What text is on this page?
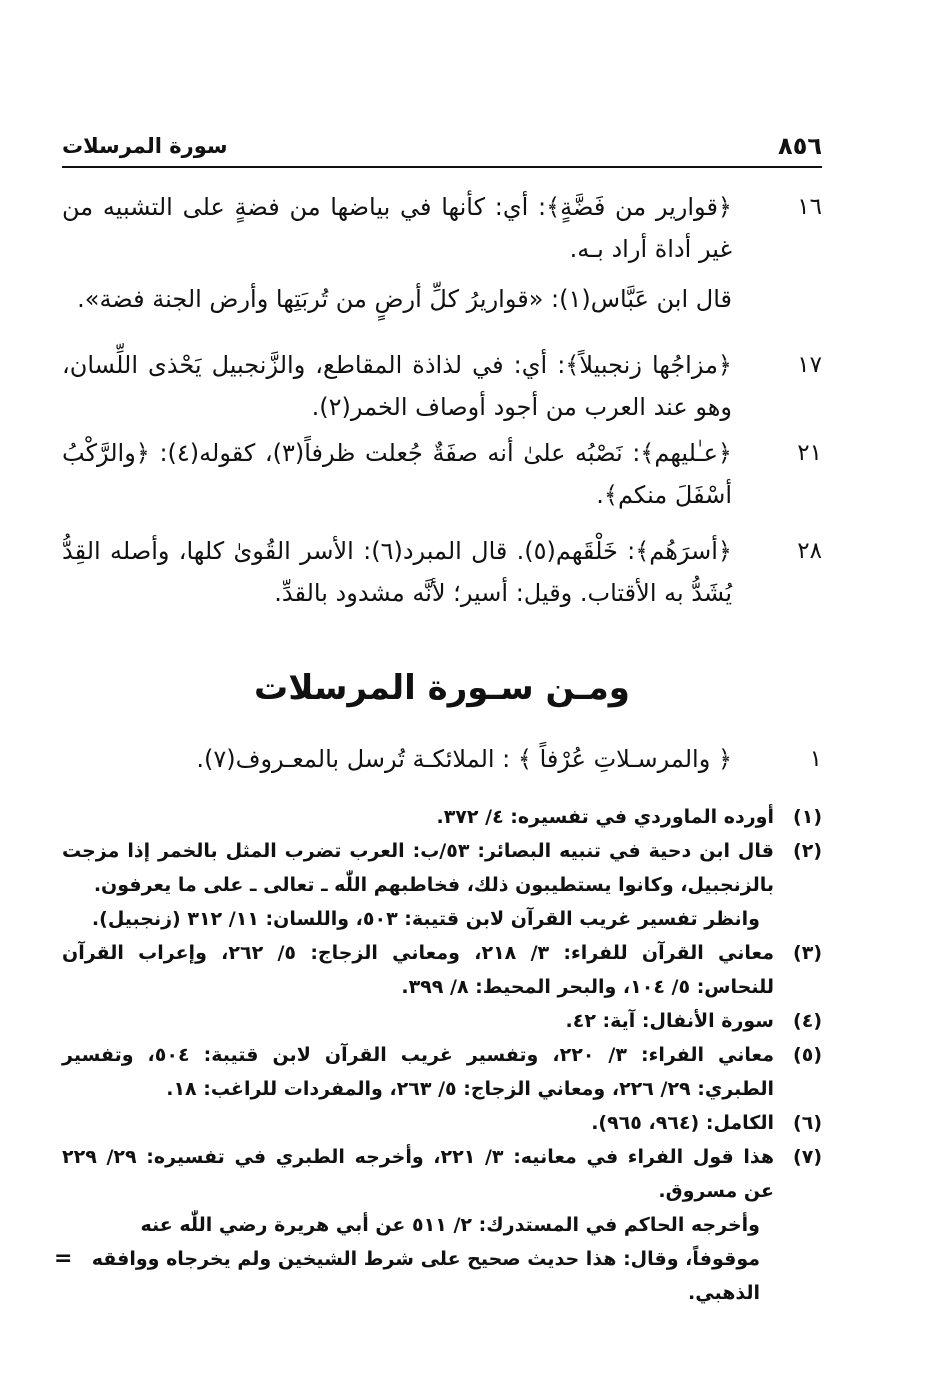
٨٥٦
سورة المرسلات
١٦
﴿قوارير من فَضَّةٍ﴾: أي: كأنها في بياضها من فضةٍ على التشبيه من غير أداة أراد بـه.
قال ابن عَبَّاس(١): «قواريرُ كلِّ أرضٍ من تُربَتِها وأرض الجنة فضة».
١٧
﴿مزاجُها زنجبيلاً﴾: أي: في لذاذة المقاطع، والزَّنجبيل يَحْذى اللِّسان، وهو عند العرب من أجود أوصاف الخمر(٢).
٢١
﴿عـٰليهم﴾: نَصْبُه علىٰ أنه صفَةٌ جُعلت ظرفاً(٣)، كقوله(٤): ﴿والرَّكْبُ أسْفَلَ منكم﴾.
٢٨
﴿أسرَهُم﴾: خَلْقَهم(٥). قال المبرد(٦): الأسر القُوىٰ كلها، وأصله القِدُّ يُشَدُّ به الأقتاب. وقيل: أسير؛ لأنَّه مشدود بالقدِّ.
ومـن سـورة المرسلات
١
﴿ والمرسـلاتِ عُرْفاً ﴾ : الملائكـة تُرسل بالمعـروف(٧).
(١)
أورده الماوردي في تفسيره: ٤/ ٣٧٢.
(٢)
قال ابن دحية في تنبيه البصائر: ٥٣/ب: العرب تضرب المثل بالخمر إذا مزجت بالزنجبيل، وكانوا يستطيبون ذلك، فخاطبهم اللّٰه ـ تعالى ـ على ما يعرفون.
وانظر تفسير غريب القرآن لابن قتيبة: ٥٠٣، واللسان: ١١/ ٣١٢ (زنجبيل).
(٣)
معاني القرآن للفراء: ٣/ ٢١٨، ومعاني الزجاج: ٥/ ٢٦٢، وإعراب القرآن للنحاس: ٥/ ١٠٤، والبحر المحيط: ٨/ ٣٩٩.
(٤)
سورة الأنفال: آية: ٤٢.
(٥)
معاني الفراء: ٣/ ٢٢٠، وتفسير غريب القرآن لابن قتيبة: ٥٠٤، وتفسير الطبري: ٢٩/ ٢٢٦، ومعاني الزجاج: ٥/ ٢٦٣، والمفردات للراغب: ١٨.
(٦)
الكامل: (٩٦٤، ٩٦٥).
(٧)
هذا قول الفراء في معانيه: ٣/ ٢٢١، وأخرجه الطبري في تفسيره: ٢٩/ ٢٢٩ عن مسروق.
وأخرجه الحاكم في المستدرك: ٢/ ٥١١ عن أبي هريرة رضي اللّٰه عنه موقوفاً، وقال: هذا حديث صحيح على شرط الشيخين ولم يخرجاه ووافقه الذهبي.
=
